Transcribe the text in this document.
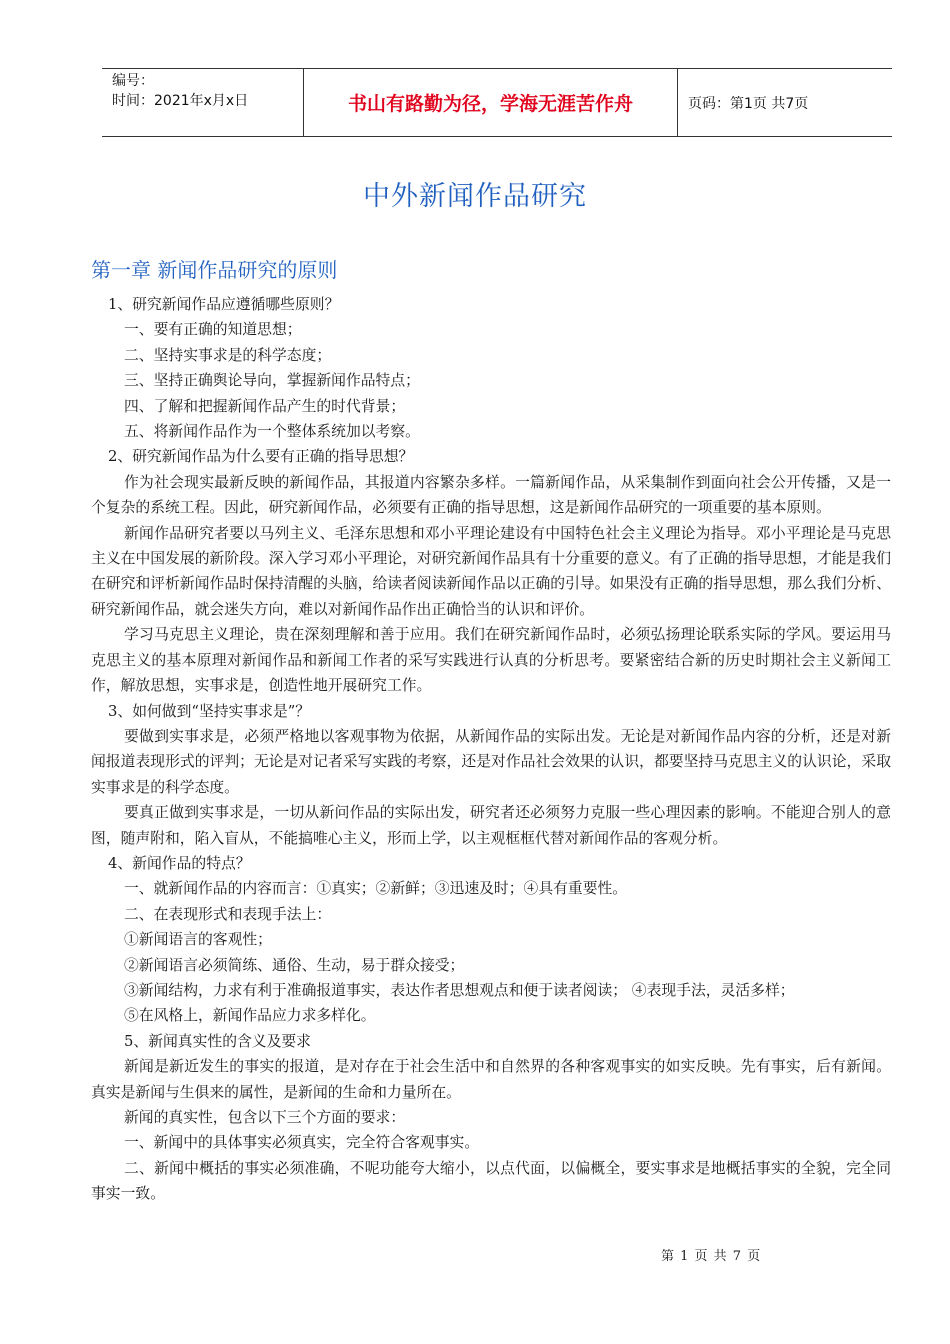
编号：
时间：2021年x月x日	书山有路勤为径，学海无涯苦作舟	页码：第1页 共7页
中外新闻作品研究
第一章 新闻作品研究的原则

1、研究新闻作品应遵循哪些原则？

一、要有正确的知道思想；

二、坚持实事求是的科学态度；

三、坚持正确舆论导向，掌握新闻作品特点；

四、了解和把握新闻作品产生的时代背景；

五、将新闻作品作为一个整体系统加以考察。

2、研究新闻作品为什么要有正确的指导思想？

作为社会现实最新反映的新闻作品，其报道内容繁杂多样。一篇新闻作品，从采集制作到面向社会公开传播，又是一个复杂的系统工程。因此，研究新闻作品，必须要有正确的指导思想，这是新闻作品研究的一项重要的基本原则。

新闻作品研究者要以马列主义、毛泽东思想和邓小平理论建设有中国特色社会主义理论为指导。邓小平理论是马克思主义在中国发展的新阶段。深入学习邓小平理论，对研究新闻作品具有十分重要的意义。有了正确的指导思想，才能是我们在研究和评析新闻作品时保持清醒的头脑，给读者阅读新闻作品以正确的引导。如果没有正确的指导思想，那么我们分析、研究新闻作品，就会迷失方向，难以对新闻作品作出正确恰当的认识和评价。

学习马克思主义理论，贵在深刻理解和善于应用。我们在研究新闻作品时，必须弘扬理论联系实际的学风。要运用马克思主义的基本原理对新闻作品和新闻工作者的采写实践进行认真的分析思考。要紧密结合新的历史时期社会主义新闻工作，解放思想，实事求是，创造性地开展研究工作。

3、如何做到“坚持实事求是”？

要做到实事求是，必须严格地以客观事物为依据，从新闻作品的实际出发。无论是对新闻作品内容的分析，还是对新闻报道表现形式的评判；无论是对记者采写实践的考察，还是对作品社会效果的认识，都要坚持马克思主义的认识论，采取实事求是的科学态度。

要真正做到实事求是，一切从新问作品的实际出发，研究者还必须努力克服一些心理因素的影响。不能迎合别人的意图，随声附和，陷入盲从，不能搞唯心主义，形而上学，以主观框框代替对新闻作品的客观分析。

4、新闻作品的特点？

一、就新闻作品的内容而言：①真实；②新鲜；③迅速及时；④具有重要性。

二、在表现形式和表现手法上：

①新闻语言的客观性；

②新闻语言必须简练、通俗、生动，易于群众接受；

③新闻结构，力求有利于准确报道事实，表达作者思想观点和便于读者阅读； ④表现手法，灵活多样；

⑤在风格上，新闻作品应力求多样化。

5、新闻真实性的含义及要求

新闻是新近发生的事实的报道，是对存在于社会生活中和自然界的各种客观事实的如实反映。先有事实，后有新闻。真实是新闻与生俱来的属性，是新闻的生命和力量所在。

新闻的真实性，包含以下三个方面的要求：

一、新闻中的具体事实必须真实，完全符合客观事实。

二、新闻中概括的事实必须准确，不呢功能夸大缩小，以点代面，以偏概全，要实事求是地概括事实的全貌，完全同事实一致。

第 1 页 共 7 页
